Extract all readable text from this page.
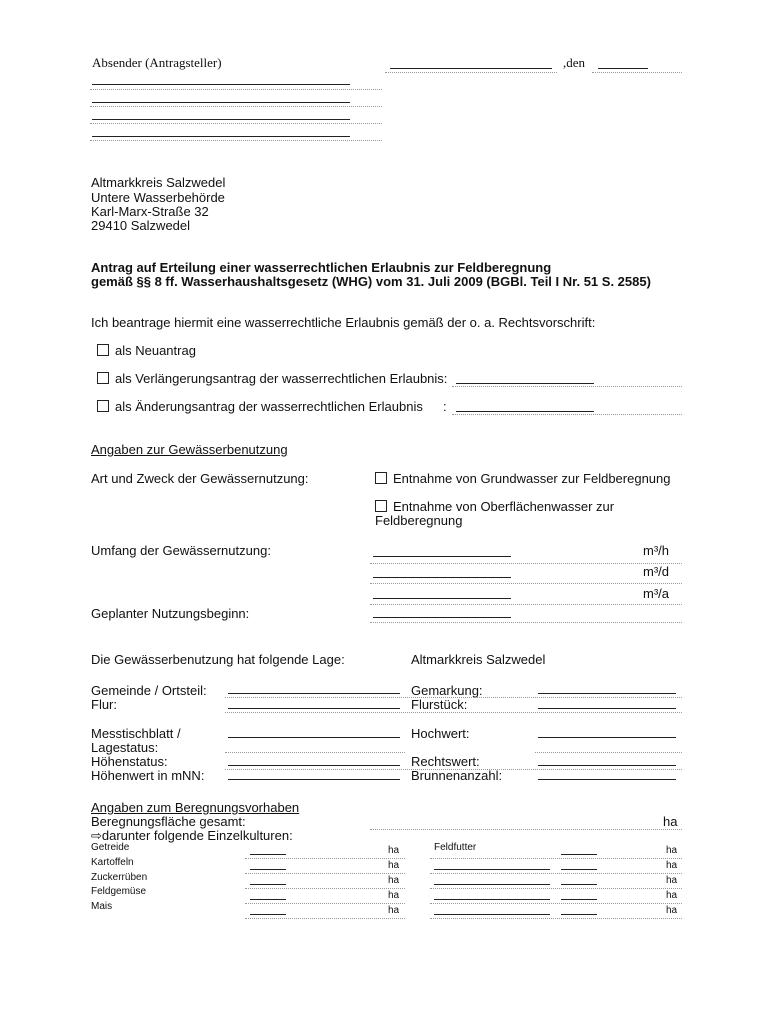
Absender (Antragsteller)	,den
Altmarkkreis Salzwedel
Untere Wasserbehörde
Karl-Marx-Straße 32
29410 Salzwedel
Antrag auf Erteilung einer wasserrechtlichen Erlaubnis zur Feldberegnung
gemäß §§ 8 ff. Wasserhaushaltsgesetz (WHG) vom 31. Juli 2009 (BGBl. Teil I Nr. 51 S. 2585)
Ich beantrage hiermit eine wasserrechtliche Erlaubnis gemäß der o. a. Rechtsvorschrift:
als Neuantrag
als Verlängerungsantrag der wasserrechtlichen Erlaubnis:
als Änderungsantrag der wasserrechtlichen Erlaubnis :
Angaben zur Gewässerbenutzung
Art und Zweck der Gewässernutzung:	Entnahme von Grundwasser zur Feldberegnung
Entnahme von Oberflächenwasser zur
Feldberegnung
Umfang der Gewässernutzung:	m³/h
m³/d
m³/a
Geplanter Nutzungsbeginn:
Die Gewässerbenutzung hat folgende Lage:	Altmarkkreis Salzwedel
Gemeinde / Ortsteil:	Gemarkung:
Flur:	Flurstück:
Messtischblatt /	Hochwert:
Lagestatus:
Höhenstatus:	Rechtswert:
Höhenwert in mNN:	Brunnenanzahl:
Angaben zum Beregnungsvorhaben
Beregnungsfläche gesamt:	ha
⇨darunter folgende Einzelkulturen:
Getreide	ha
Kartoffeln	ha
Zuckerrüben	ha
Feldgemüse	ha
Mais	ha
Feldfutter	ha
ha
ha
ha
ha
